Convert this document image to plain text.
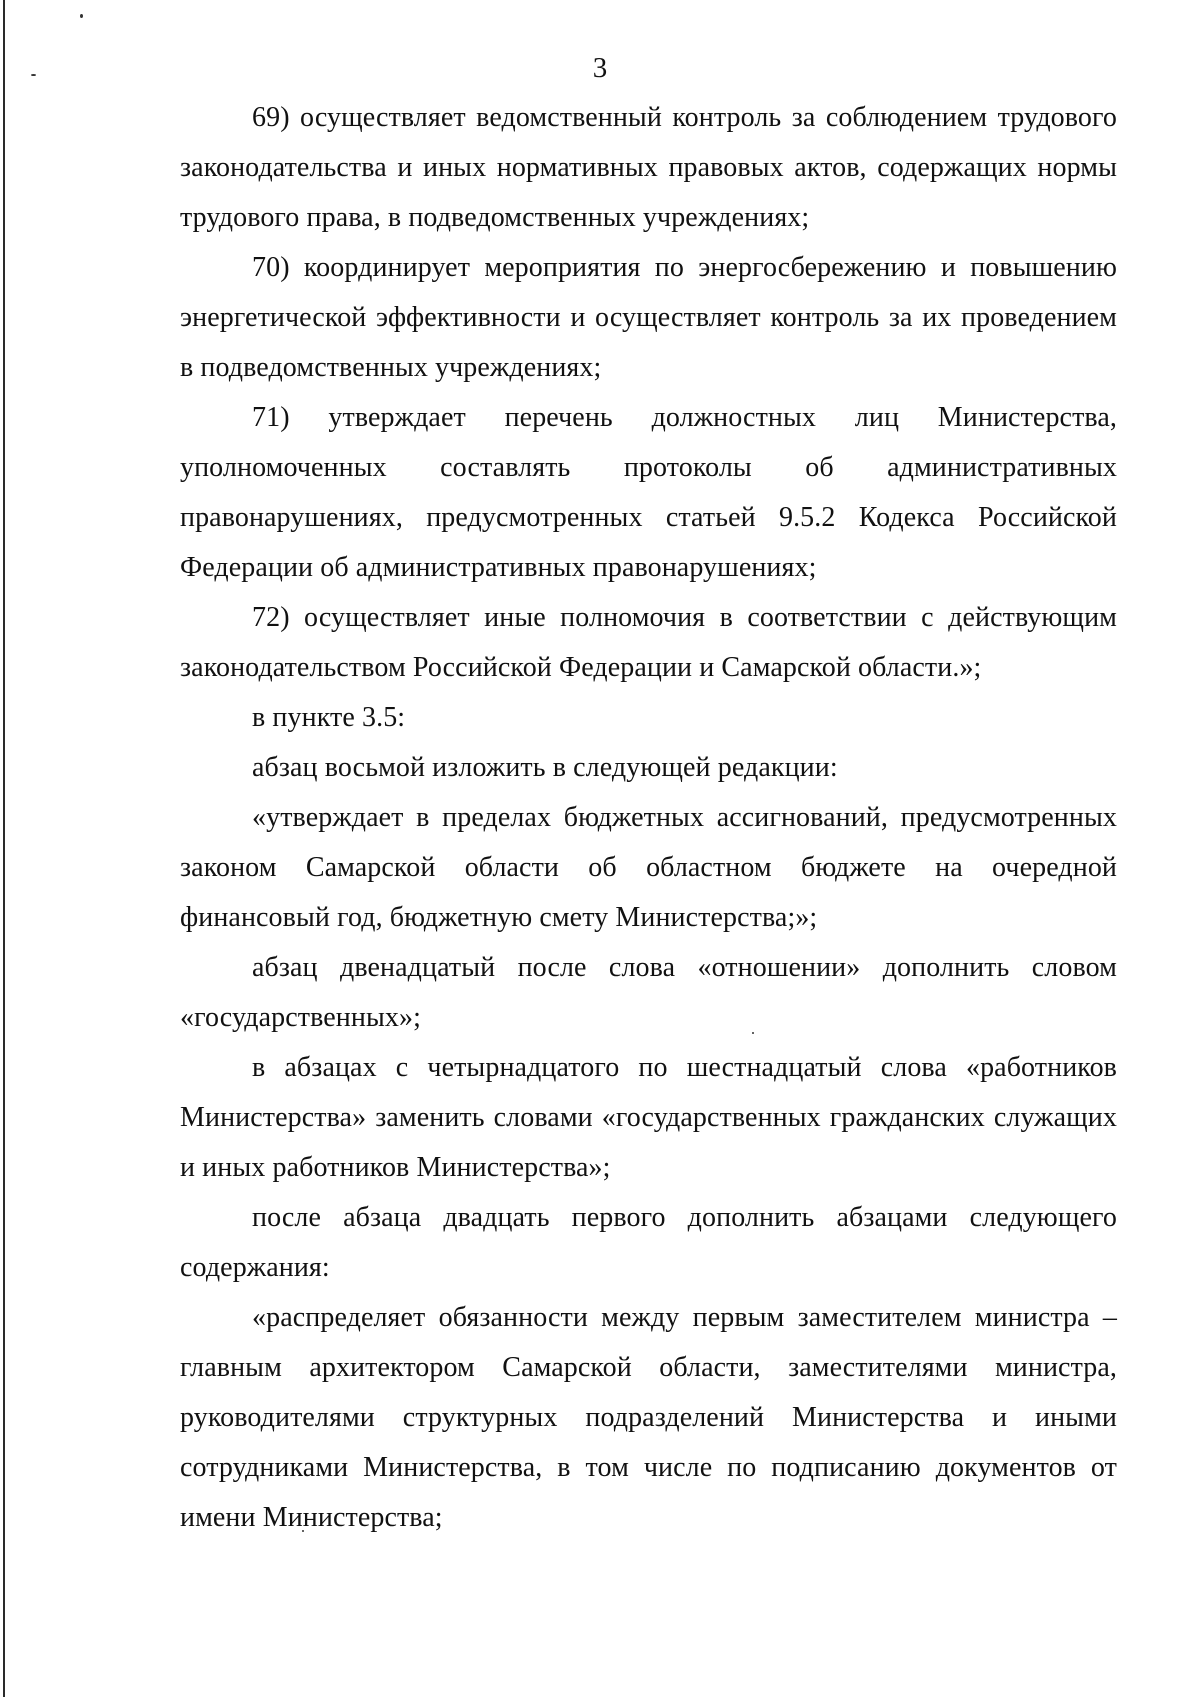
3

69) осуществляет ведомственный контроль за соблюдением трудового законодательства и иных нормативных правовых актов, содержащих нормы трудового права, в подведомственных учреждениях;

70) координирует мероприятия по энергосбережению и повышению энергетической эффективности и осуществляет контроль за их проведением в подведомственных учреждениях;

71) утверждает перечень должностных лиц Министерства, уполномоченных составлять протоколы об административных правонарушениях, предусмотренных статьей 9.5.2 Кодекса Российской Федерации об административных правонарушениях;

72) осуществляет иные полномочия в соответствии с действующим законодательством Российской Федерации и Самарской области.»;

в пункте 3.5:

абзац восьмой изложить в следующей редакции:

«утверждает в пределах бюджетных ассигнований, предусмотренных законом Самарской области об областном бюджете на очередной финансовый год, бюджетную смету Министерства;»;

абзац двенадцатый после слова «отношении» дополнить словом «государственных»;

в абзацах с четырнадцатого по шестнадцатый слова «работников Министерства» заменить словами «государственных гражданских служащих и иных работников Министерства»;

после абзаца двадцать первого дополнить абзацами следующего содержания:

«распределяет обязанности между первым заместителем министра – главным архитектором Самарской области, заместителями министра, руководителями структурных подразделений Министерства и иными сотрудниками Министерства, в том числе по подписанию документов от имени Министерства;
